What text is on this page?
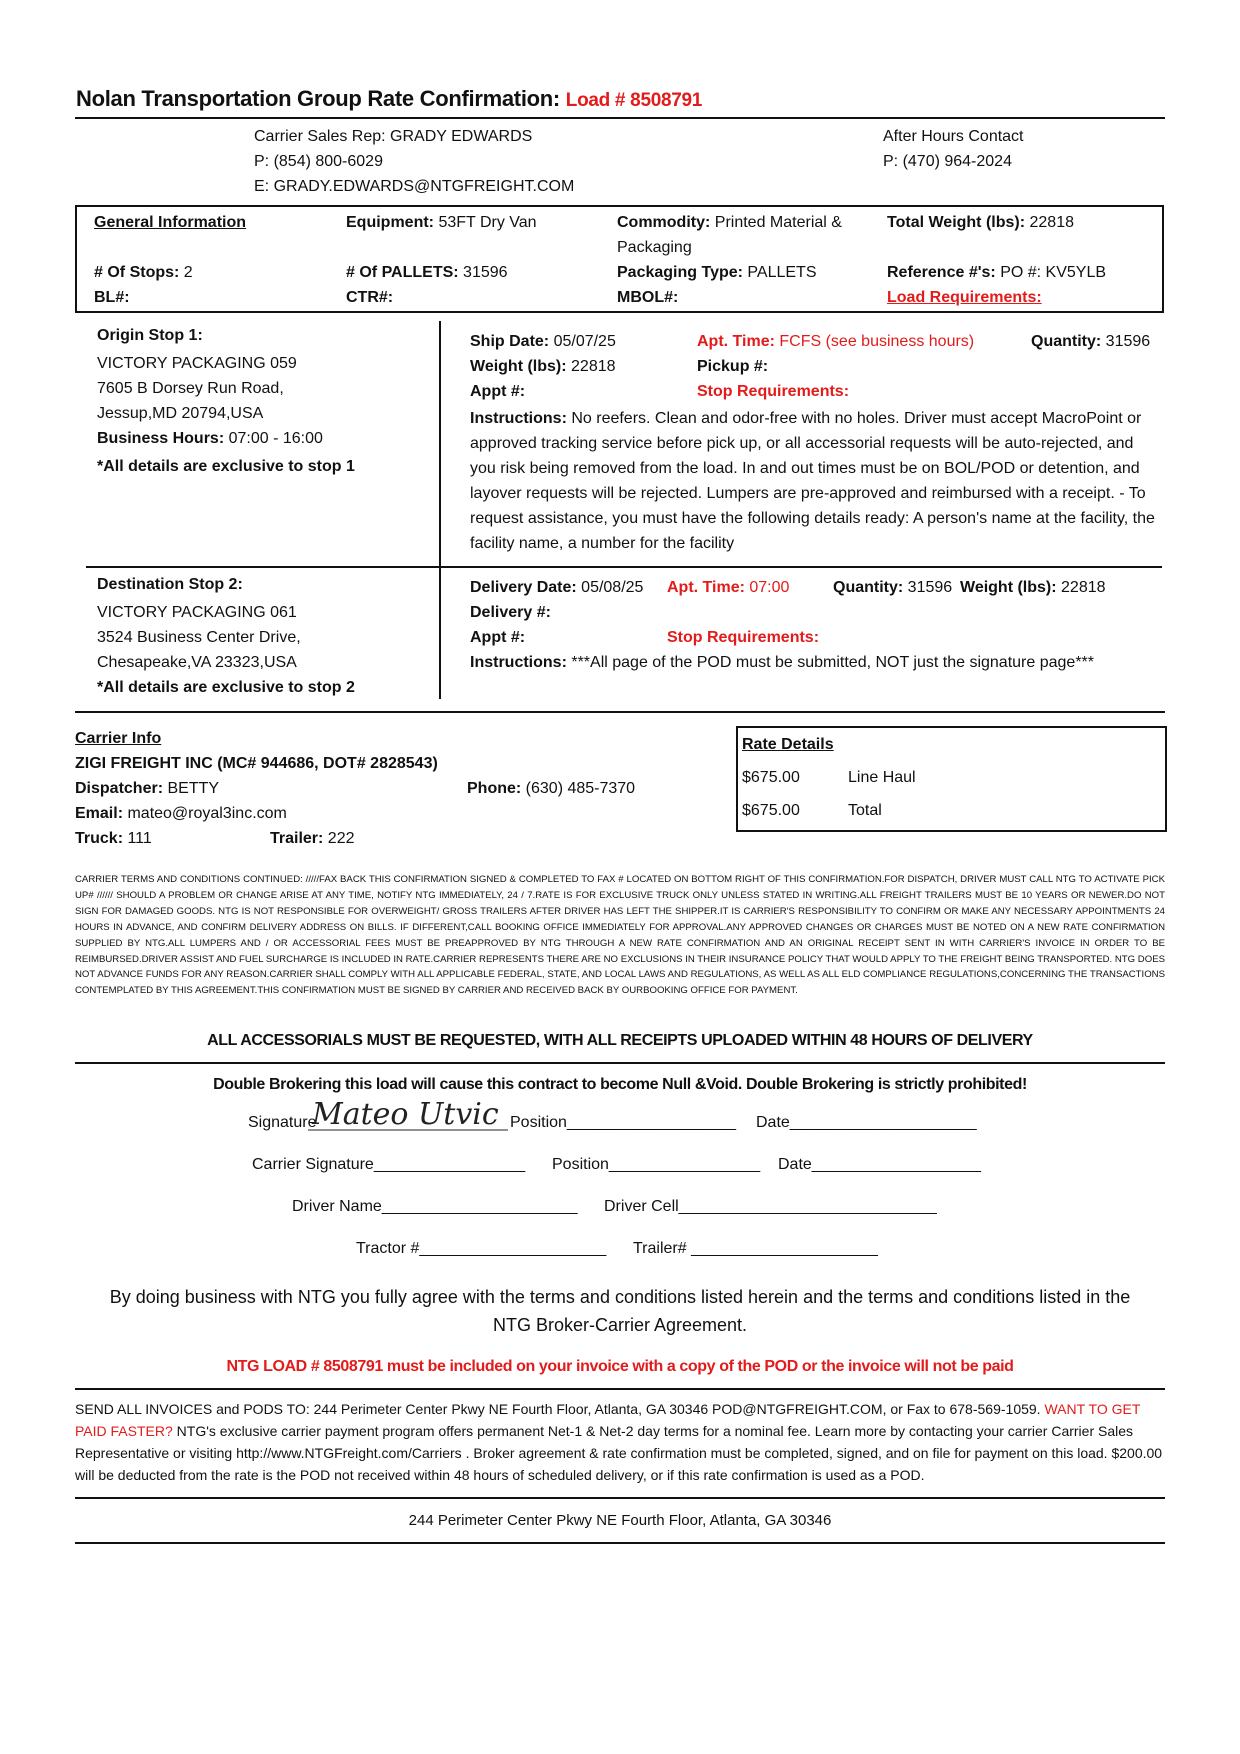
Nolan Transportation Group Rate Confirmation: Load # 8508791
Carrier Sales Rep: GRADY EDWARDS
P: (854) 800-6029
E: GRADY.EDWARDS@NTGFREIGHT.COM
After Hours Contact
P: (470) 964-2024
General Information	Equipment: 53FT Dry Van	Commodity: Printed Material &
Packaging
Total Weight (lbs): 22818
# Of Stops: 2	# Of PALLETS: 31596	Packaging Type: PALLETS	Reference #'s: PO #: KV5YLB
BL#:	CTR#:	MBOL#:	Load Requirements:
Origin Stop 1:
VICTORY PACKAGING 059
7605 B Dorsey Run Road,
Jessup,MD 20794,USA
Business Hours: 07:00 - 16:00
*All details are exclusive to stop 1
Ship Date: 05/07/25	Apt. Time: FCFS (see business hours)	Quantity: 31596
Weight (lbs): 22818	Pickup #:
Appt #:	Stop Requirements:
Instructions: No reefers. Clean and odor-free with no holes. Driver must accept MacroPoint or approved tracking service before pick up, or all accessorial requests will be auto-rejected, and you risk being removed from the load. In and out times must be on BOL/POD or detention, and layover requests will be rejected. Lumpers are pre-approved and reimbursed with a receipt. - To request assistance, you must have the following details ready: A person's name at the facility, the facility name, a number for the facility
Destination Stop 2:
VICTORY PACKAGING 061
3524 Business Center Drive,
Chesapeake,VA 23323,USA
*All details are exclusive to stop 2
Delivery Date: 05/08/25 Apt. Time: 07:00	Quantity: 31596 Weight (lbs): 22818
Delivery #:
Appt #:	Stop Requirements:
Instructions: ***All page of the POD must be submitted, NOT just the signature page***
Carrier Info
ZIGI FREIGHT INC (MC# 944686, DOT# 2828543)
Dispatcher: BETTY	Phone: (630) 485-7370
Email: mateo@royal3inc.com
Truck: 111	Trailer: 222
Rate Details
$675.00	Line Haul
$675.00	Total
CARRIER TERMS AND CONDITIONS CONTINUED: /////FAX BACK THIS CONFIRMATION SIGNED & COMPLETED TO FAX # LOCATED ON BOTTOM RIGHT OF THIS CONFIRMATION.FOR DISPATCH, DRIVER MUST CALL NTG TO ACTIVATE PICK UP# ////// SHOULD A PROBLEM OR CHANGE ARISE AT ANY TIME, NOTIFY NTG IMMEDIATELY, 24 / 7.RATE IS FOR EXCLUSIVE TRUCK ONLY UNLESS STATED IN WRITING.ALL FREIGHT TRAILERS MUST BE 10 YEARS OR NEWER.DO NOT SIGN FOR DAMAGED GOODS. NTG IS NOT RESPONSIBLE FOR OVERWEIGHT/ GROSS TRAILERS AFTER DRIVER HAS LEFT THE SHIPPER.IT IS CARRIER'S RESPONSIBILITY TO CONFIRM OR MAKE ANY NECESSARY APPOINTMENTS 24 HOURS IN ADVANCE, AND CONFIRM DELIVERY ADDRESS ON BILLS. IF DIFFERENT,CALL BOOKING OFFICE IMMEDIATELY FOR APPROVAL.ANY APPROVED CHANGES OR CHARGES MUST BE NOTED ON A NEW RATE CONFIRMATION SUPPLIED BY NTG.ALL LUMPERS AND / OR ACCESSORIAL FEES MUST BE PREAPPROVED BY NTG THROUGH A NEW RATE CONFIRMATION AND AN ORIGINAL RECEIPT SENT IN WITH CARRIER'S INVOICE IN ORDER TO BE REIMBURSED.DRIVER ASSIST AND FUEL SURCHARGE IS INCLUDED IN RATE.CARRIER REPRESENTS THERE ARE NO EXCLUSIONS IN THEIR INSURANCE POLICY THAT WOULD APPLY TO THE FREIGHT BEING TRANSPORTED. NTG DOES NOT ADVANCE FUNDS FOR ANY REASON.CARRIER SHALL COMPLY WITH ALL APPLICABLE FEDERAL, STATE, AND LOCAL LAWS AND REGULATIONS, AS WELL AS ALL ELD COMPLIANCE REGULATIONS,CONCERNING THE TRANSACTIONS CONTEMPLATED BY THIS AGREEMENT.THIS CONFIRMATION MUST BE SIGNED BY CARRIER AND RECEIVED BACK BY OURBOOKING OFFICE FOR PAYMENT.
ALL ACCESSORIALS MUST BE REQUESTED, WITH ALL RECEIPTS UPLOADED WITHIN 48 HOURS OF DELIVERY
Double Brokering this load will cause this contract to become Null &Void. Double Brokering is strictly prohibited!
Signature
Mateo Utvic Position___________________ Date_____________________
Carrier Signature_________________ Position_________________ Date___________________
Driver Name______________________ Driver Cell_____________________________
Tractor #_____________________ Trailer# _____________________
By doing business with NTG you fully agree with the terms and conditions listed herein and the terms and conditions listed in the
NTG Broker-Carrier Agreement.
NTG LOAD # 8508791 must be included on your invoice with a copy of the POD or the invoice will not be paid
SEND ALL INVOICES and PODS TO: 244 Perimeter Center Pkwy NE Fourth Floor, Atlanta, GA 30346 POD@NTGFREIGHT.COM, or Fax to 678-569-1059. WANT TO GET PAID FASTER? NTG's exclusive carrier payment program offers permanent Net-1 & Net-2 day terms for a nominal fee. Learn more by contacting your carrier Carrier Sales Representative or visiting http://www.NTGFreight.com/Carriers . Broker agreement & rate confirmation must be completed, signed, and on file for payment on this load. $200.00 will be deducted from the rate is the POD not received within 48 hours of scheduled delivery, or if this rate confirmation is used as a POD.
244 Perimeter Center Pkwy NE Fourth Floor, Atlanta, GA 30346
